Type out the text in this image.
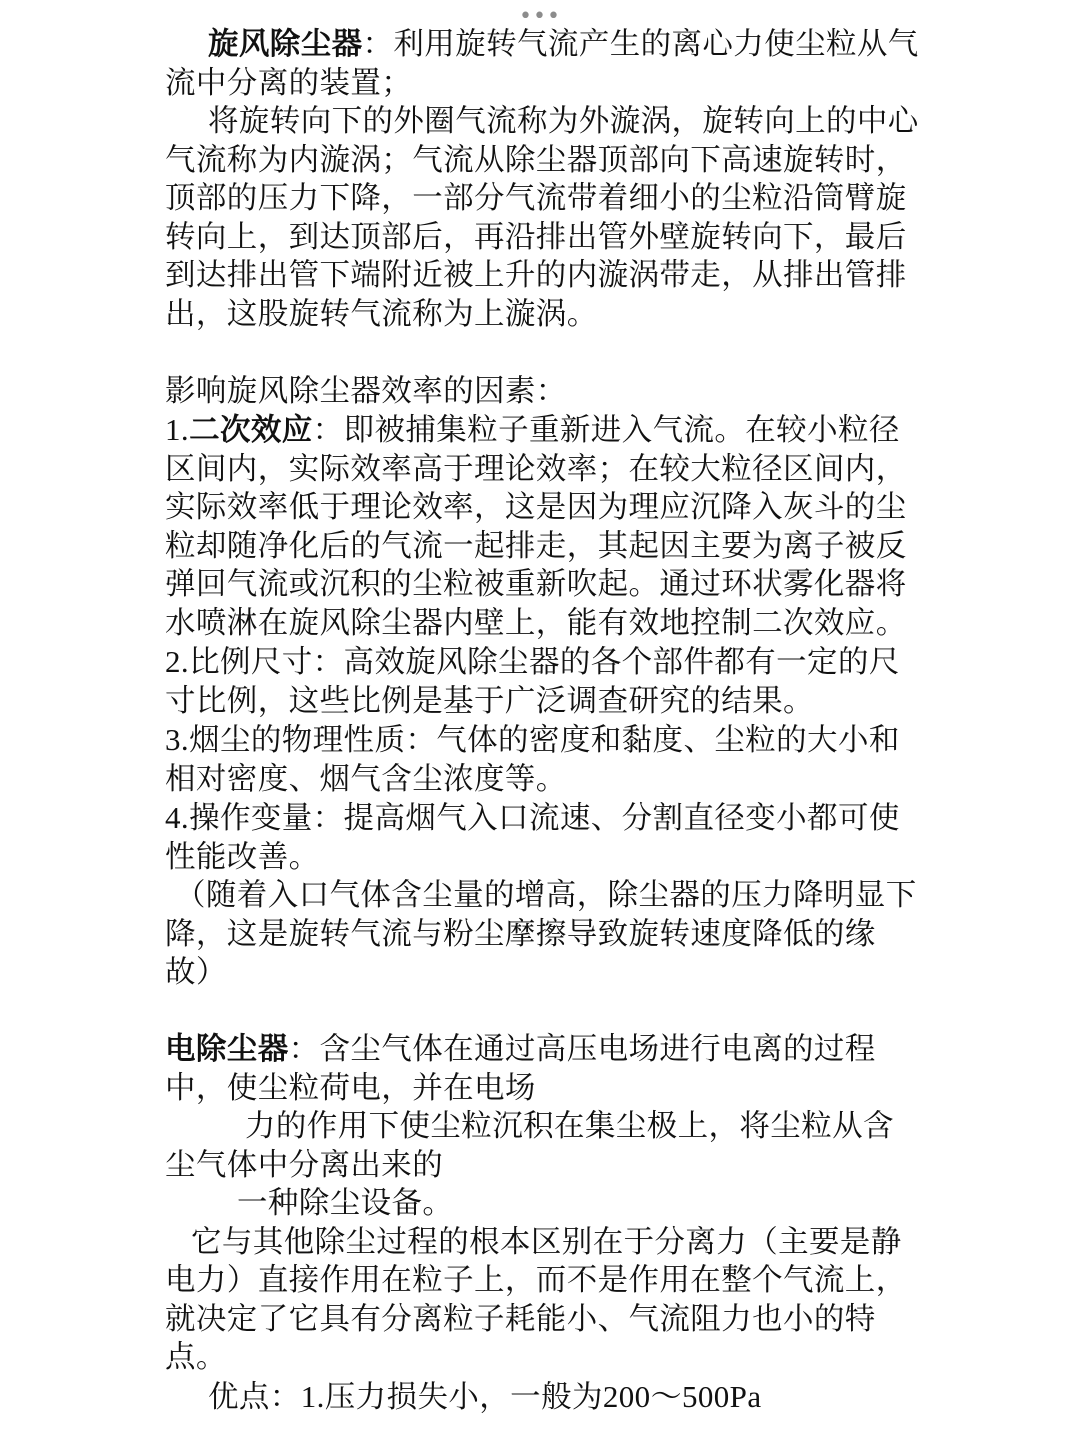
•••

旋风除尘器：利用旋转气流产生的离心力使尘粒从气流中分离的装置；

将旋转向下的外圈气流称为外漩涡，旋转向上的中心气流称为内漩涡；气流从除尘器顶部向下高速旋转时，顶部的压力下降，一部分气流带着细小的尘粒沿筒臂旋转向上，到达顶部后，再沿排出管外壁旋转向下，最后到达排出管下端附近被上升的内漩涡带走，从排出管排出，这股旋转气流称为上漩涡。

影响旋风除尘器效率的因素：

1.二次效应：即被捕集粒子重新进入气流。在较小粒径区间内，实际效率高于理论效率；在较大粒径区间内，实际效率低于理论效率，这是因为理应沉降入灰斗的尘粒却随净化后的气流一起排走，其起因主要为离子被反弹回气流或沉积的尘粒被重新吹起。通过环状雾化器将水喷淋在旋风除尘器内壁上，能有效地控制二次效应。

2.比例尺寸：高效旋风除尘器的各个部件都有一定的尺寸比例，这些比例是基于广泛调查研究的结果。

3.烟尘的物理性质：气体的密度和黏度、尘粒的大小和相对密度、烟气含尘浓度等。

4.操作变量：提高烟气入口流速、分割直径变小都可使性能改善。

（随着入口气体含尘量的增高，除尘器的压力降明显下降，这是旋转气流与粉尘摩擦导致旋转速度降低的缘故）

电除尘器：含尘气体在通过高压电场进行电离的过程中，使尘粒荷电，并在电场

力的作用下使尘粒沉积在集尘极上，将尘粒从含尘气体中分离出来的

一种除尘设备。

它与其他除尘过程的根本区别在于分离力（主要是静电力）直接作用在粒子上，而不是作用在整个气流上，就决定了它具有分离粒子耗能小、气流阻力也小的特点。

优点：1.压力损失小，一般为200～500Pa
